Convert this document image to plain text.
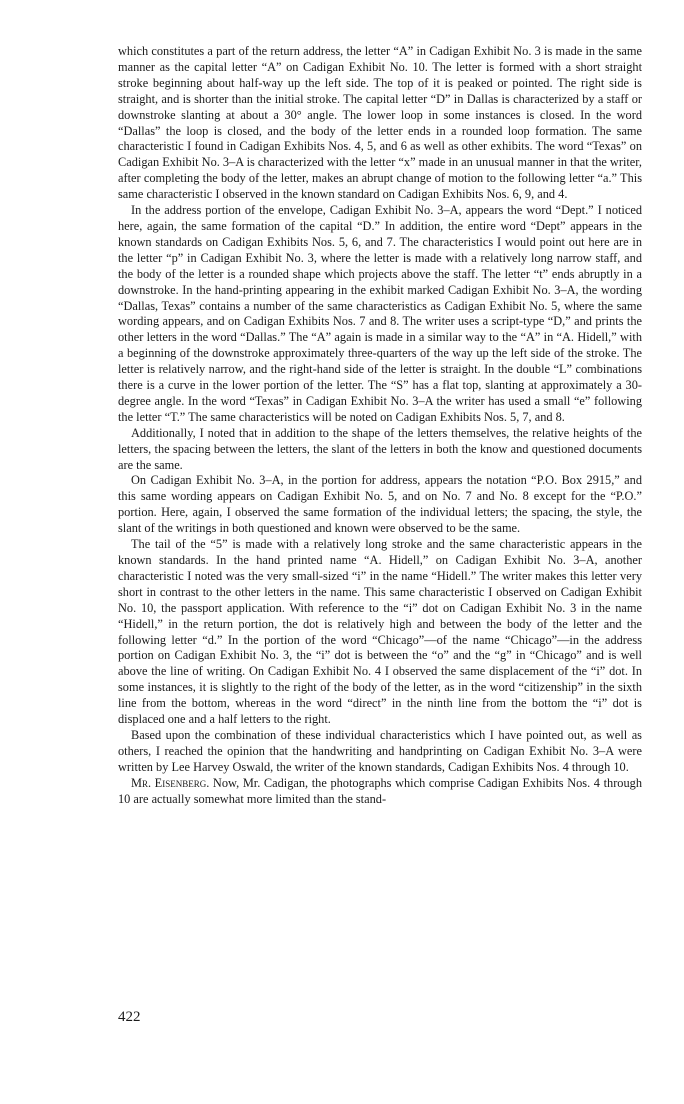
which constitutes a part of the return address, the letter “A” in Cadigan Exhibit No. 3 is made in the same manner as the capital letter “A” on Cadigan Exhibit No. 10. The letter is formed with a short straight stroke beginning about half-way up the left side. The top of it is peaked or pointed. The right side is straight, and is shorter than the initial stroke. The capital letter “D” in Dallas is characterized by a staff or downstroke slanting at about a 30° angle. The lower loop in some instances is closed. In the word “Dallas” the loop is closed, and the body of the letter ends in a rounded loop formation. The same characteristic I found in Cadigan Exhibits Nos. 4, 5, and 6 as well as other exhibits. The word “Texas” on Cadigan Exhibit No. 3–A is characterized with the letter “x” made in an unusual manner in that the writer, after completing the body of the letter, makes an abrupt change of motion to the following letter “a.” This same characteristic I observed in the known standard on Cadigan Exhibits Nos. 6, 9, and 4.

In the address portion of the envelope, Cadigan Exhibit No. 3–A, appears the word “Dept.” I noticed here, again, the same formation of the capital “D.” In addition, the entire word “Dept” appears in the known standards on Cadigan Exhibits Nos. 5, 6, and 7. The characteristics I would point out here are in the letter “p” in Cadigan Exhibit No. 3, where the letter is made with a relatively long narrow staff, and the body of the letter is a rounded shape which projects above the staff. The letter “t” ends abruptly in a downstroke. In the hand-printing appearing in the exhibit marked Cadigan Exhibit No. 3–A, the wording “Dallas, Texas” contains a number of the same characteristics as Cadigan Exhibit No. 5, where the same wording appears, and on Cadigan Exhibits Nos. 7 and 8. The writer uses a script-type “D,” and prints the other letters in the word “Dallas.” The “A” again is made in a similar way to the “A” in “A. Hidell,” with a beginning of the downstroke approximately three-quarters of the way up the left side of the stroke. The letter is relatively narrow, and the right-hand side of the letter is straight. In the double “L” combinations there is a curve in the lower portion of the letter. The “S” has a flat top, slanting at approximately a 30-degree angle. In the word “Texas” in Cadigan Exhibit No. 3–A the writer has used a small “e” following the letter “T.” The same characteristics will be noted on Cadigan Exhibits Nos. 5, 7, and 8.

Additionally, I noted that in addition to the shape of the letters themselves, the relative heights of the letters, the spacing between the letters, the slant of the letters in both the know and questioned documents are the same.

On Cadigan Exhibit No. 3–A, in the portion for address, appears the notation “P.O. Box 2915,” and this same wording appears on Cadigan Exhibit No. 5, and on No. 7 and No. 8 except for the “P.O.” portion. Here, again, I observed the same formation of the individual letters; the spacing, the style, the slant of the writings in both questioned and known were observed to be the same.

The tail of the “5” is made with a relatively long stroke and the same characteristic appears in the known standards. In the hand printed name “A. Hidell,” on Cadigan Exhibit No. 3–A, another characteristic I noted was the very small-sized “i” in the name “Hidell.” The writer makes this letter very short in contrast to the other letters in the name. This same characteristic I observed on Cadigan Exhibit No. 10, the passport application. With reference to the “i” dot on Cadigan Exhibit No. 3 in the name “Hidell,” in the return portion, the dot is relatively high and between the body of the letter and the following letter “d.” In the portion of the word “Chicago”—of the name “Chicago”—in the address portion on Cadigan Exhibit No. 3, the “i” dot is between the “o” and the “g” in “Chicago” and is well above the line of writing. On Cadigan Exhibit No. 4 I observed the same displacement of the “i” dot. In some instances, it is slightly to the right of the body of the letter, as in the word “citizenship” in the sixth line from the bottom, whereas in the word “direct” in the ninth line from the bottom the “i” dot is displaced one and a half letters to the right.

Based upon the combination of these individual characteristics which I have pointed out, as well as others, I reached the opinion that the handwriting and handprinting on Cadigan Exhibit No. 3–A were written by Lee Harvey Oswald, the writer of the known standards, Cadigan Exhibits Nos. 4 through 10.

Mr. Eisenberg. Now, Mr. Cadigan, the photographs which comprise Cadigan Exhibits Nos. 4 through 10 are actually somewhat more limited than the stand-

422
